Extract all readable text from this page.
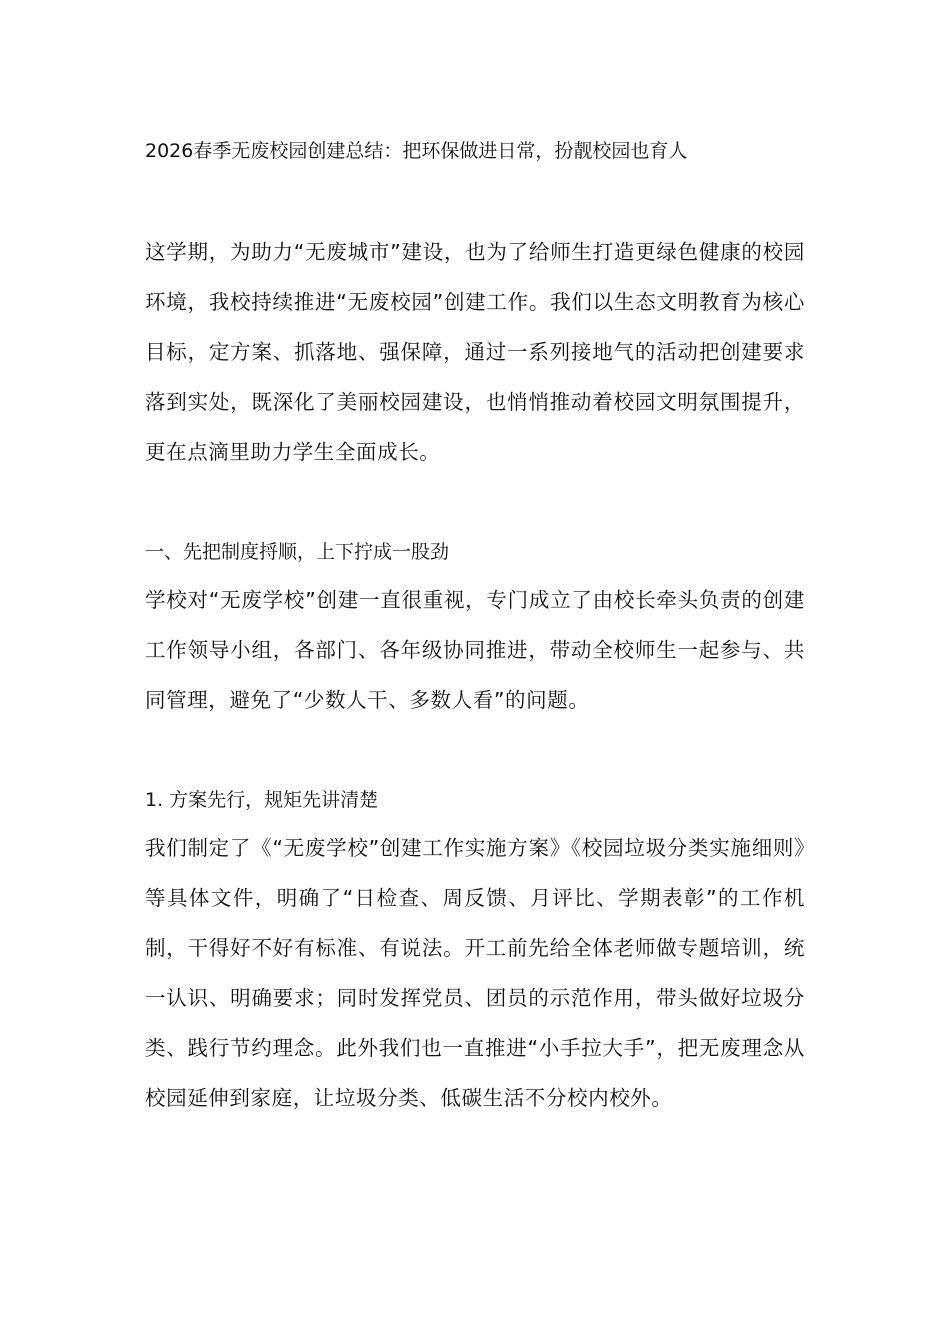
2026春季无废校园创建总结：把环保做进日常，扮靓校园也育人
这学期，为助力“无废城市”建设，也为了给师生打造更绿色健康的校园环境，我校持续推进“无废校园”创建工作。我们以生态文明教育为核心目标，定方案、抓落地、强保障，通过一系列接地气的活动把创建要求落到实处，既深化了美丽校园建设，也悄悄推动着校园文明氛围提升，更在点滴里助力学生全面成长。
一、先把制度捋顺，上下拧成一股劲
学校对“无废学校”创建一直很重视，专门成立了由校长牵头负责的创建工作领导小组，各部门、各年级协同推进，带动全校师生一起参与、共同管理，避免了“少数人干、多数人看”的问题。
1. 方案先行，规矩先讲清楚
我们制定了《“无废学校”创建工作实施方案》《校园垃圾分类实施细则》等具体文件，明确了“日检查、周反馈、月评比、学期表彰”的工作机制，干得好不好有标准、有说法。开工前先给全体老师做专题培训，统一认识、明确要求；同时发挥党员、团员的示范作用，带头做好垃圾分类、践行节约理念。此外我们也一直推进“小手拉大手”，把无废理念从校园延伸到家庭，让垃圾分类、低碳生活不分校内校外。
